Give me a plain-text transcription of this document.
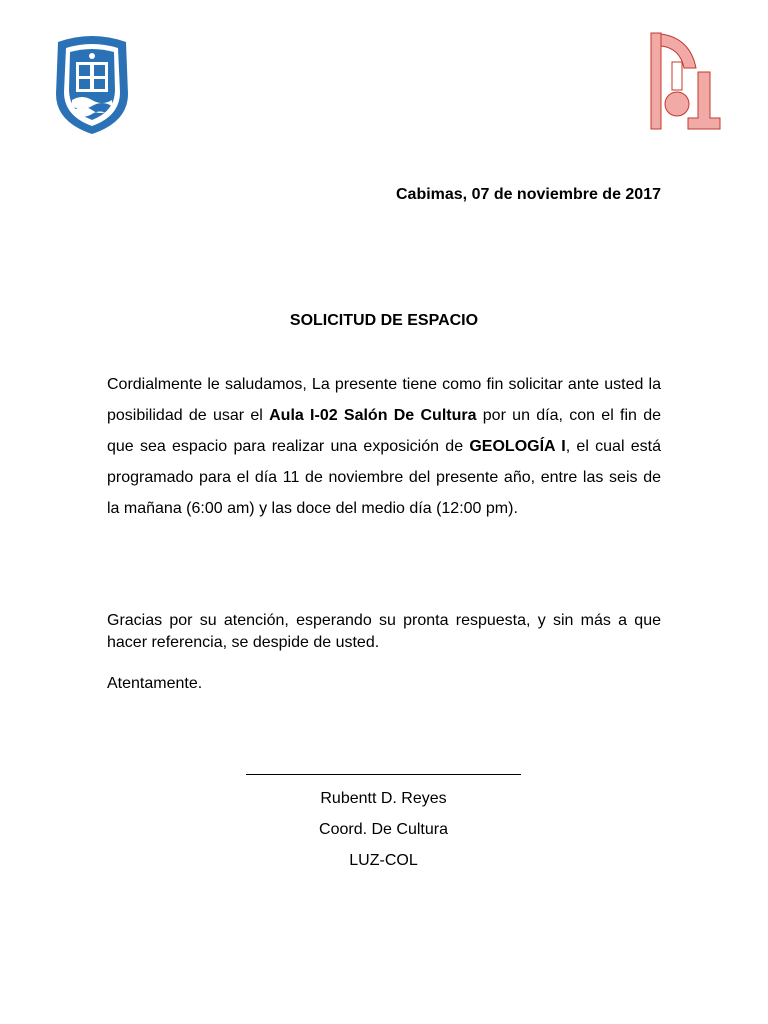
Cabimas, 07 de noviembre de 2017
SOLICITUD DE ESPACIO

Cordialmente le saludamos, La presente tiene como fin solicitar ante usted la posibilidad de usar el Aula I-02 Salón De Cultura por un día, con el fin de que sea espacio para realizar una exposición de GEOLOGÍA I, el cual está programado para el día 11 de noviembre del presente año, entre las seis de la mañana (6:00 am) y las doce del medio día (12:00 pm).

Gracias por su atención, esperando su pronta respuesta, y sin más a que hacer referencia, se despide de usted.

Atentamente.

Rubentt D. Reyes
Coord. De Cultura
LUZ-COL
